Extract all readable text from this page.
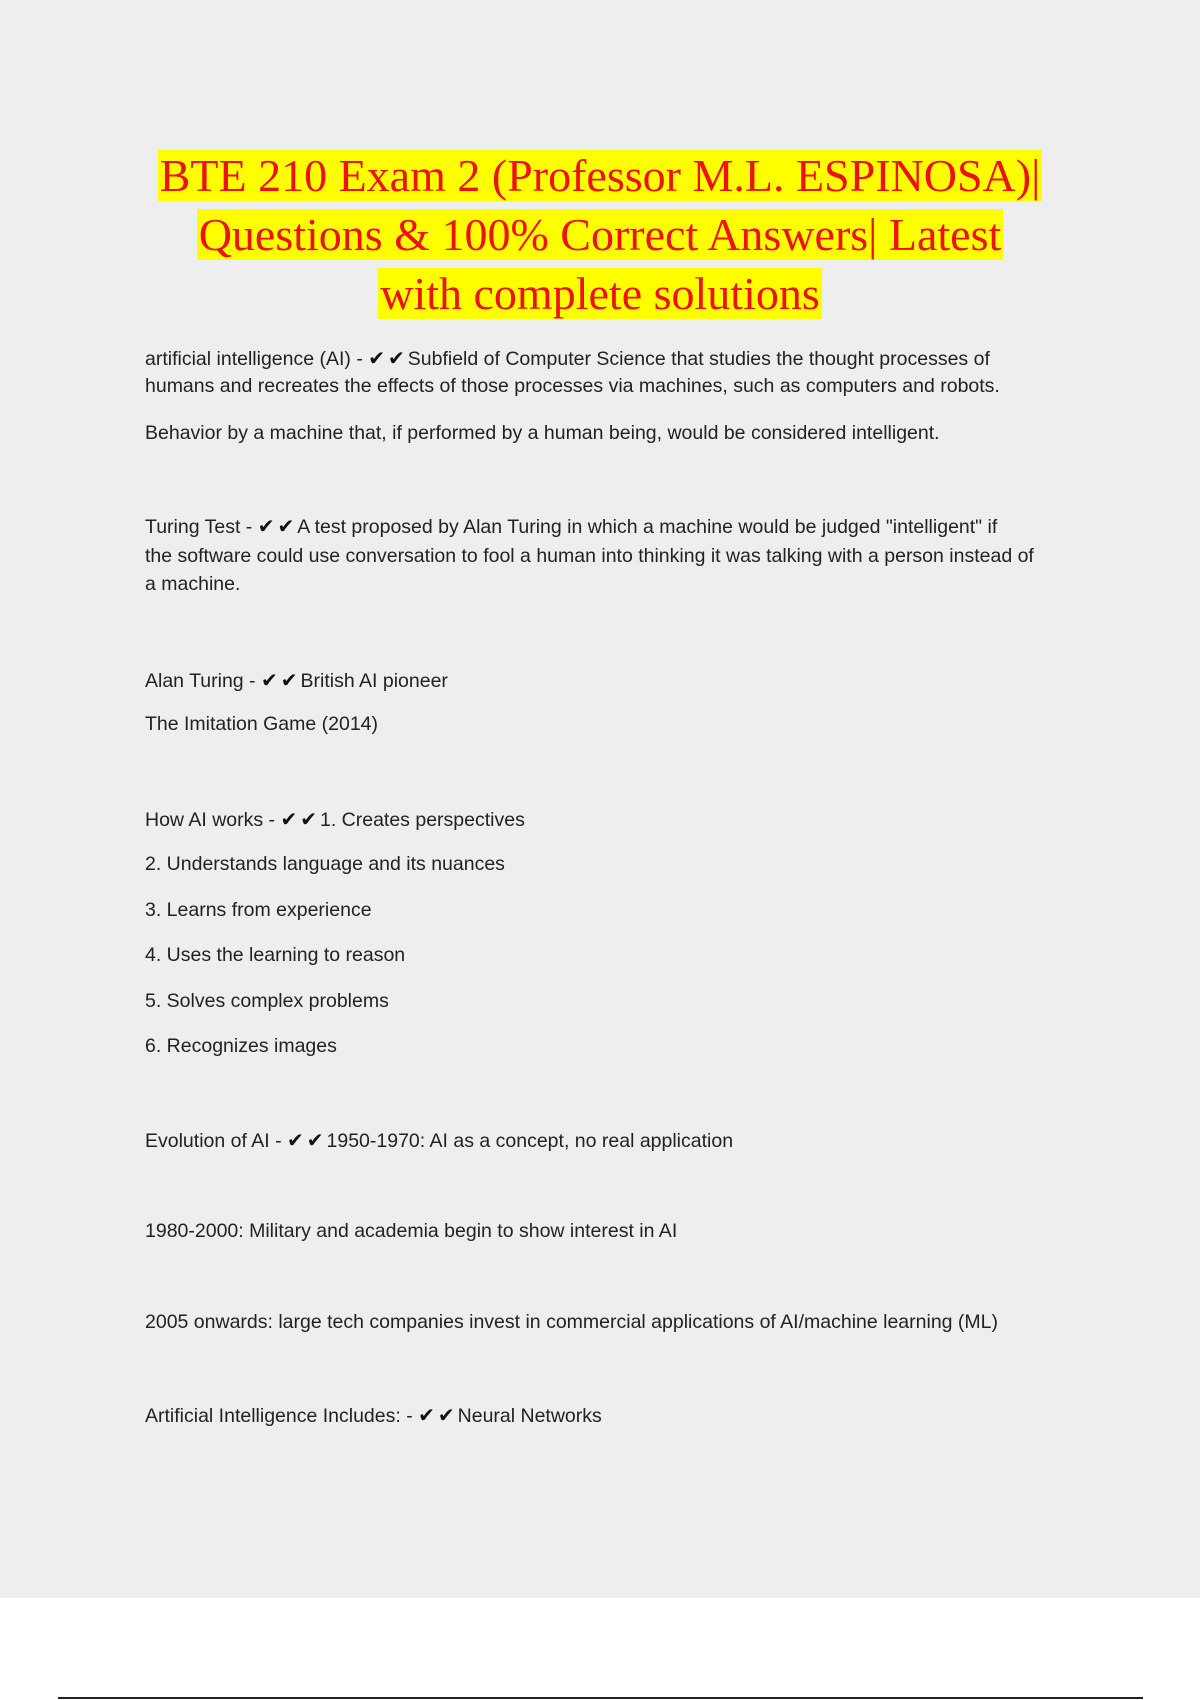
BTE 210 Exam 2 (Professor M.L. ESPINOSA)|
Questions & 100% Correct Answers| Latest
with complete solutions
artificial intelligence (AI) - ✔✔Subfield of Computer Science that studies the thought processes of
humans and recreates the effects of those processes via machines, such as computers and robots.
Behavior by a machine that, if performed by a human being, would be considered intelligent.
Turing Test - ✔✔A test proposed by Alan Turing in which a machine would be judged "intelligent" if
the software could use conversation to fool a human into thinking it was talking with a person instead of
a machine.
Alan Turing - ✔✔British AI pioneer
The Imitation Game (2014)
How AI works - ✔✔1. Creates perspectives
2. Understands language and its nuances
3. Learns from experience
4. Uses the learning to reason
5. Solves complex problems
6. Recognizes images
Evolution of AI - ✔✔1950-1970: AI as a concept, no real application
1980-2000: Military and academia begin to show interest in AI
2005 onwards: large tech companies invest in commercial applications of AI/machine learning (ML)
Artificial Intelligence Includes: - ✔✔Neural Networks
